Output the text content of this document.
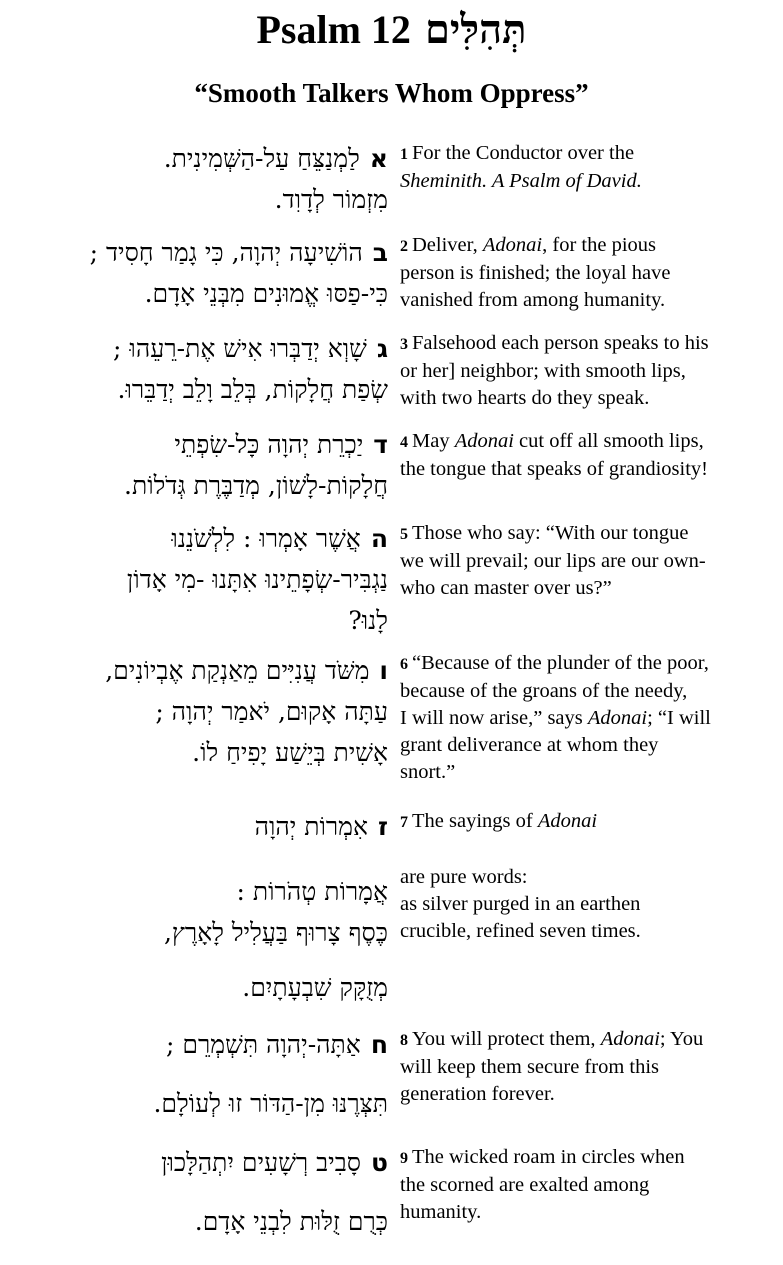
Psalm 12 תְּהִלִּים
“Smooth Talkers Whom Oppress”
אלַמְנַצֵּחַ עַל-הַשְּׁמִינִית.
מִזְמוֹר לְדָוִד.
1 For the Conductor over the
Sheminith. A Psalm of David.
בהוֹשִׁיעָה יְהוָה, כִּי גָמַר חָסִיד ;
כִּי-פַסּוּ אֱמוּנִים מִבְּנֵי אָדָם.
2 Deliver, Adonai, for the pious
person is finished; the loyal have
vanished from among humanity.
גשָׁוְא יְדַבְּרוּ אִישׁ אֶת-רֵעֵהוּ ;
שְׂפַת חֲלָקוֹת, בְּלֵב וָלֵב יְדַבֵּרוּ.
3 Falsehood each person speaks to his
or her] neighbor; with smooth lips,
with two hearts do they speak.
דיַכְרֵת יְהוָה כָּל-שִׂפְתֵי
חֲלָקוֹת-לָשׁוֹן, מְדַבֶּרֶת גְּדֹלוֹת.
4 May Adonai cut off all smooth lips,
the tongue that speaks of grandiosity!
האֲשֶׁר אָמְרוּ : לִלְשֹׁנֵנוּ
נַגְבִּיר-שְׂפָתֵינוּ אִתָּנוּ -מִי אָדוֹן
לָנוּ?
5 Those who say: “With our tongue
we will prevail; our lips are our own-
who can master over us?”
ומִשֹּׁד עֲנִיִּים מֵאַנְקַת אֶבְיוֹנִים,
עַתָּה אָקוּם, יֹאמַר יְהוָה ;
אָשִׁית בְּיֵשַׁע יָפִיחַ לוֹ.
6 “Because of the plunder of the poor,
because of the groans of the needy,
I will now arise,” says Adonai; “I will
grant deliverance at whom they
snort.”
זאִמְרוֹת יְהוָה
אֲמָרוֹת טְהֹרוֹת :
כֶּסֶף צָרוּף בַּעֲלִיל לָאָרֶץ,
מְזֻקָּק שִׁבְעָתָיִם.
7 The sayings of Adonai
are pure words:
as silver purged in an earthen
crucible, refined seven times.
חאַתָּה-יְהוָה תִּשְׁמְרֵם ;
תִּצְּרֶנּוּ מִן-הַדּוֹר זוּ לְעוֹלָם.
8 You will protect them, Adonai; You
will keep them secure from this
generation forever.
טסָבִיב רְשָׁעִים יִתְהַלָּכוּן
כְּרֻם זֻלּוּת לִבְנֵי אָדָם.
9 The wicked roam in circles when
the scorned are exalted among
humanity.
